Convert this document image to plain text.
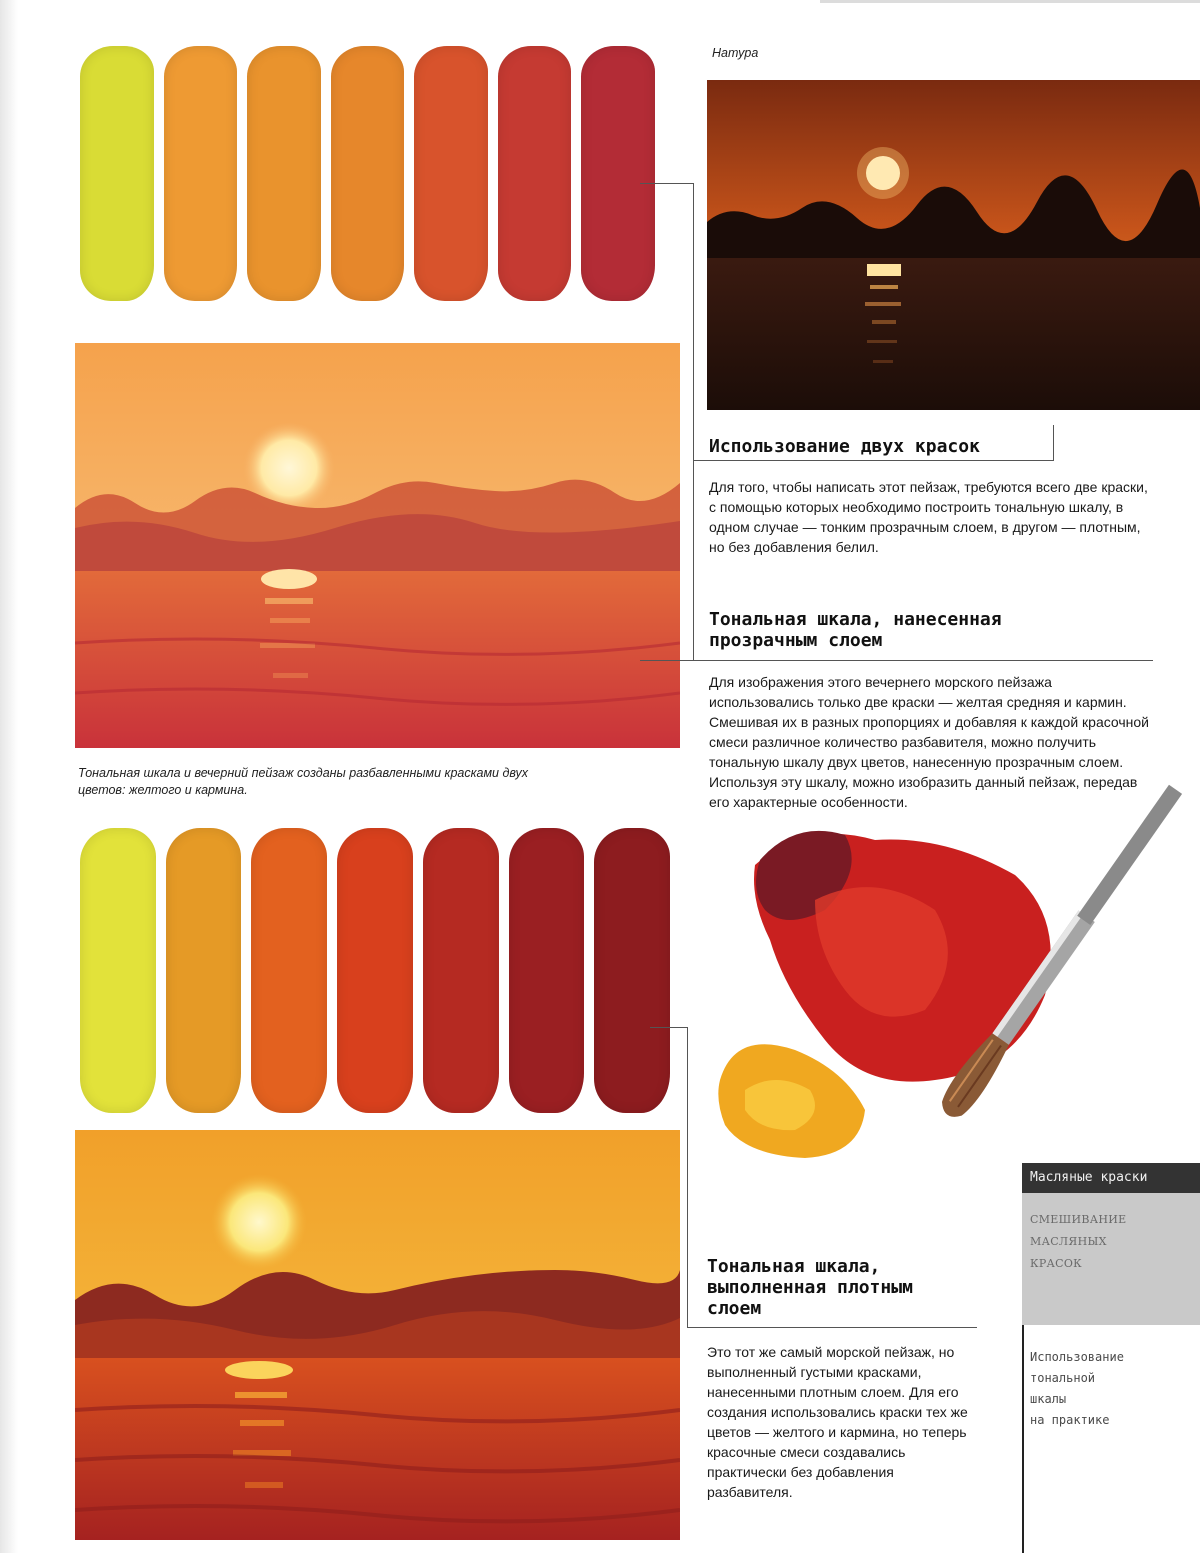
Тональная шкала и вечерний пейзаж созданы разбавленными красками двух цветов: желтого и кармина.
Натура
Использование двух красок
Для того, чтобы написать этот пейзаж, требуются всего две краски, с помощью которых необходимо построить тональную шкалу, в одном случае — тонким прозрачным слоем, в другом — плотным, но без добавления белил.
Тональная шкала, нанесенная
прозрачным слоем
Для изображения этого вечернего морского пейзажа использовались только две краски — желтая средняя и кармин. Смешивая их в разных пропорциях и добавляя к каждой красочной смеси различное количество разбавителя, можно получить тональную шкалу двух цветов, нанесенную прозрачным слоем. Используя эту шкалу, можно изобразить данный пейзаж, передав его характерные особенности.
Тональная шкала,
выполненная плотным
слоем
Это тот же самый морской пейзаж, но выполненный густыми красками, нанесенными плотным слоем. Для его создания использовались краски тех же цветов — желтого и кармина, но теперь красочные смеси создавались практически без добавления разбавителя.
Масляные краски
СМЕШИВАНИЕ
МАСЛЯНЫХ
КРАСОК
Использование
тональной
шкалы
на практике
